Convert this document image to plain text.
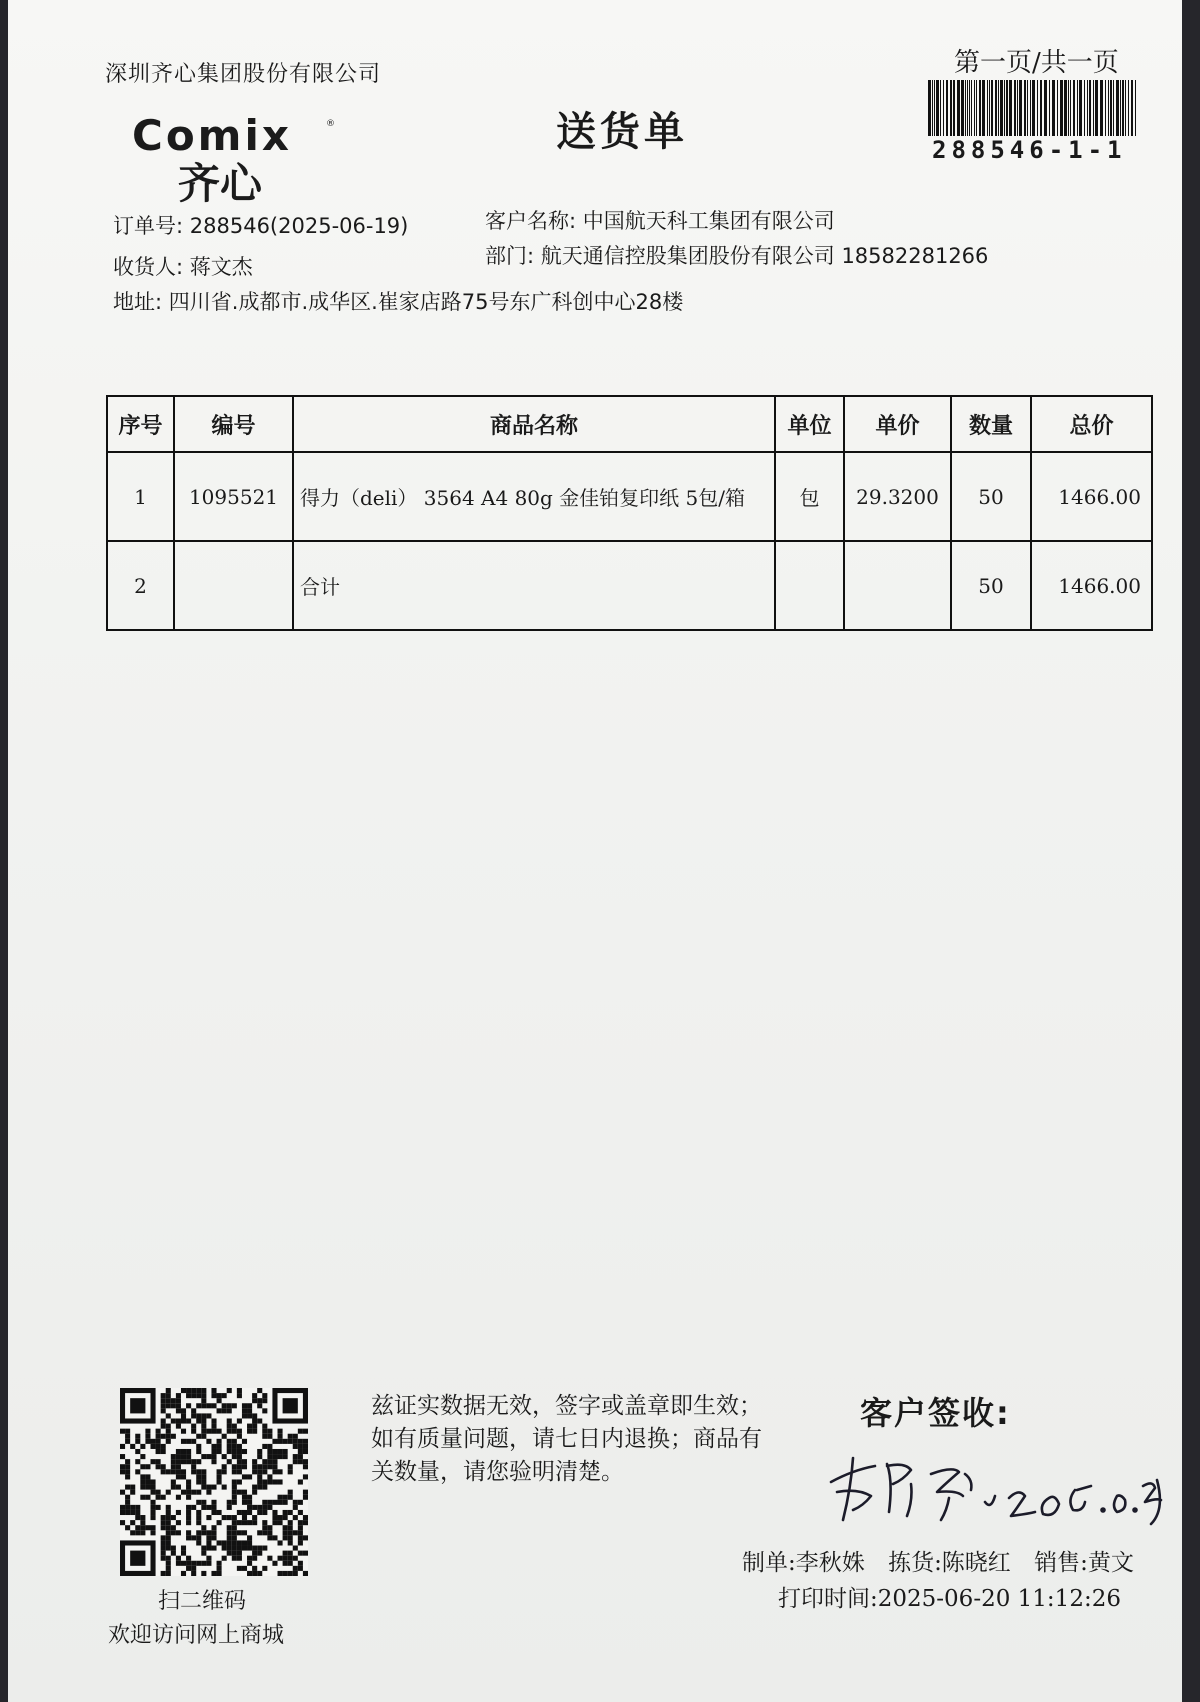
深圳齐心集团股份有限公司
Comix	®
齐心
送货单
第一页/共一页
288546-1-1
订单号: 288546(2025-06-19)
收货人: 蒋文杰
地址: 四川省.成都市.成华区.崔家店路75号东广科创中心28楼
客户名称: 中国航天科工集团有限公司
部门: 航天通信控股集团股份有限公司 18582281266
序号	编号	商品名称	单位	单价	数量	总价
1	1095521	得力（deli） 3564 A4 80g 金佳铂复印纸 5包/箱	包	29.3200	50	1466.00
2		合计			50	1466.00
扫二维码
欢迎访问网上商城
兹证实数据无效，签字或盖章即生效；如有质量问题，请七日内退换；商品有关数量，请您验明清楚。
客户签收:
蒋文杰 2025.6.23
制单:李秋姝 拣货:陈晓红 销售:黄文
打印时间:2025-06-20 11:12:26
